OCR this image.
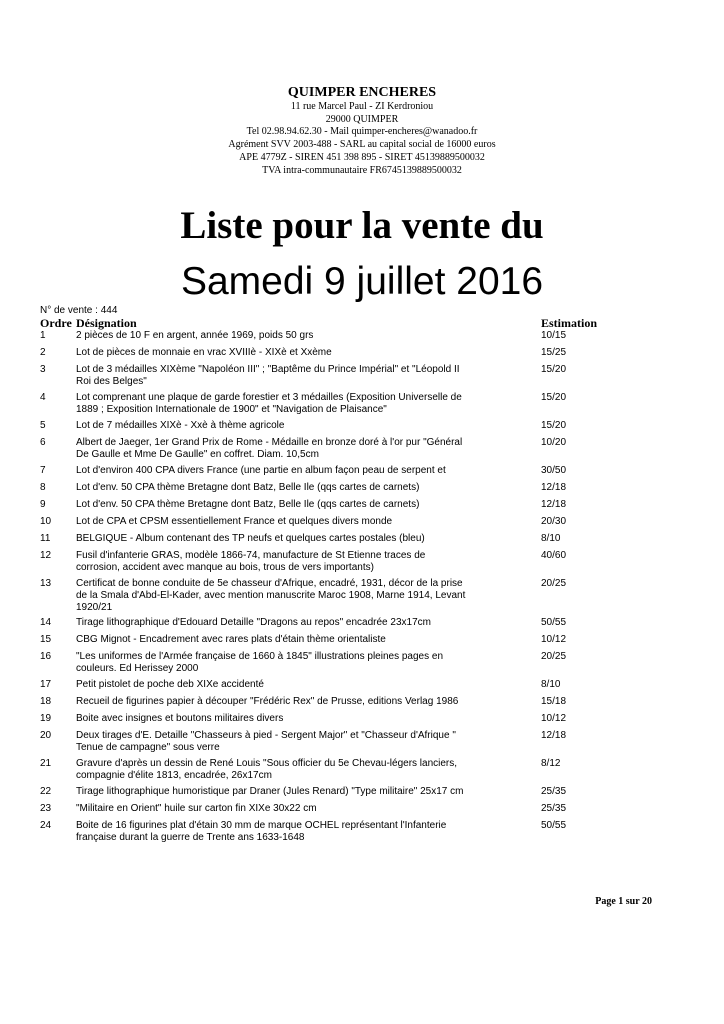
QUIMPER ENCHERES
11 rue Marcel Paul - ZI Kerdroniou
29000 QUIMPER
Tel 02.98.94.62.30 - Mail quimper-encheres@wanadoo.fr
Agrément SVV 2003-488 - SARL au capital social de 16000 euros
APE 4779Z - SIREN 451 398 895 - SIRET 45139889500032
TVA intra-communautaire FR6745139889500032
Liste pour la vente du
Samedi 9 juillet 2016
N° de vente : 444
Ordre Désignation	Estimation
1	2 pièces de 10 F en argent, année 1969, poids 50 grs	10/15
2	Lot de pièces de monnaie en vrac XVIIIè - XIXè et Xxème	15/25
3	Lot de 3 médailles XIXème "Napoléon III" ; "Baptême du Prince Impérial" et "Léopold II Roi des Belges"
15/20
4	Lot comprenant une plaque de garde forestier et 3 médailles (Exposition Universelle de 1889 ; Exposition Internationale de 1900" et "Navigation de Plaisance"
15/20
5	Lot de 7 médailles XIXè - Xxè à thème agricole	15/20
6	Albert de Jaeger, 1er Grand Prix de Rome - Médaille en bronze doré à l'or pur "Général De Gaulle et Mme De Gaulle" en coffret. Diam. 10,5cm
10/20
7	Lot d'environ 400 CPA divers France (une partie en album façon peau de serpent et	30/50
8	Lot d'env. 50 CPA thème Bretagne dont Batz, Belle Ile (qqs cartes de carnets)	12/18
9	Lot d'env. 50 CPA thème Bretagne dont Batz, Belle Ile (qqs cartes de carnets)	12/18
10 Lot de CPA et CPSM essentiellement France et quelques divers monde	20/30
11	BELGIQUE - Album contenant des TP neufs et quelques cartes postales (bleu)	8/10
12 Fusil d'infanterie GRAS, modèle 1866-74, manufacture de St Etienne traces de corrosion, accident avec manque au bois, trous de vers importants)
40/60
13 Certificat de bonne conduite de 5e chasseur d'Afrique, encadré, 1931, décor de la prise de la Smala d'Abd-El-Kader, avec mention manuscrite Maroc 1908, Marne 1914, Levant 1920/21
20/25
14 Tirage lithographique d'Edouard Detaille "Dragons au repos" encadrée 23x17cm	50/55
15 CBG Mignot - Encadrement avec rares plats d'étain thème orientaliste	10/12
16 "Les uniformes de l'Armée française de 1660 à 1845" illustrations pleines pages en couleurs. Ed Herissey 2000
20/25
17 Petit pistolet de poche deb XIXe accidenté	8/10
18 Recueil de figurines papier à découper "Frédéric Rex" de Prusse, editions Verlag 1986	15/18
19 Boite avec insignes et boutons militaires divers	10/12
20 Deux tirages d'E. Detaille "Chasseurs à pied - Sergent Major" et "Chasseur d'Afrique " Tenue de campagne" sous verre
12/18
21 Gravure d'après un dessin de René Louis "Sous officier du 5e Chevau-légers lanciers, compagnie d'élite 1813, encadrée, 26x17cm
8/12
22 Tirage lithographique humoristique par Draner (Jules Renard) "Type militaire" 25x17 cm	25/35
23 "Militaire en Orient" huile sur carton fin XIXe 30x22 cm	25/35
24 Boite de 16 figurines plat d'étain 30 mm de marque OCHEL représentant l'Infanterie française durant la guerre de Trente ans 1633-1648
50/55
Page 1 sur 20
